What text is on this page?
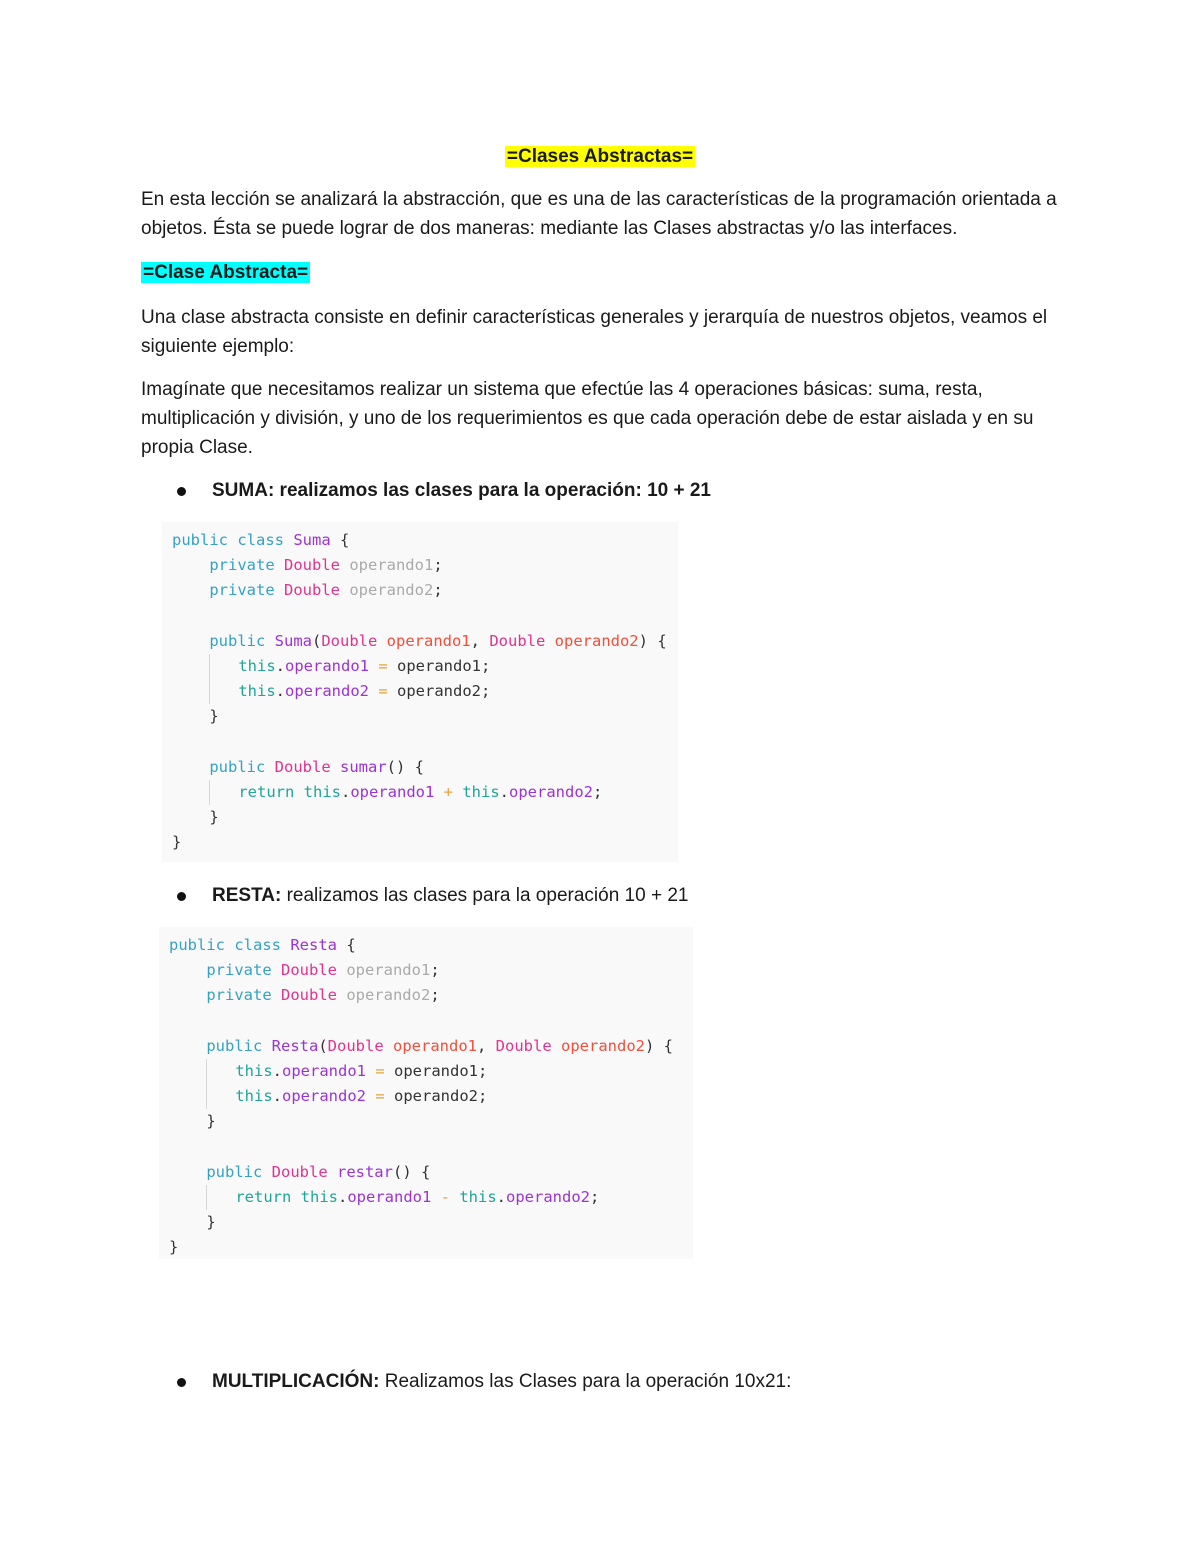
=Clases Abstractas=
En esta lección se analizará la abstracción, que es una de las características de la programación orientada a objetos. Ésta se puede lograr de dos maneras: mediante las Clases abstractas y/o las interfaces.
=Clase Abstracta=
Una clase abstracta consiste en definir características generales y jerarquía de nuestros objetos, veamos el siguiente ejemplo:
Imagínate que necesitamos realizar un sistema que efectúe las 4 operaciones básicas: suma, resta, multiplicación y división, y uno de los requerimientos es que cada operación debe de estar aislada y en su propia Clase.
SUMA: realizamos las clases para la operación: 10 + 21
public class Suma {
private Double operando1;
private Double operando2;
public Suma(Double operando1, Double operando2) {
this.operando1 = operando1;
this.operando2 = operando2;
}
public Double sumar() {
return this.operando1 + this.operando2;
}
}
RESTA: realizamos las clases para la operación 10 + 21
public class Resta {
private Double operando1;
private Double operando2;
public Resta(Double operando1, Double operando2) {
this.operando1 = operando1;
this.operando2 = operando2;
}
public Double restar() {
return this.operando1 - this.operando2;
}
}
MULTIPLICACIÓN: Realizamos las Clases para la operación 10x21:
